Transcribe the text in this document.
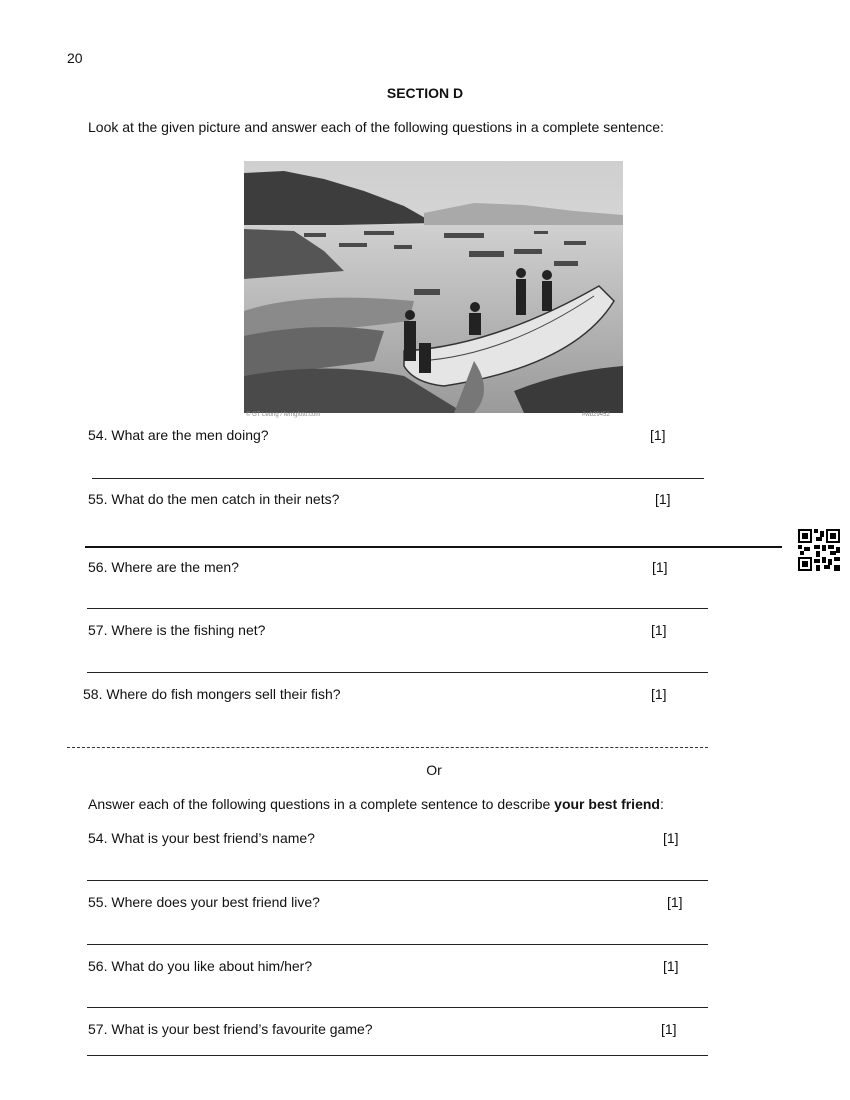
20
SECTION D
Look at the given picture and answer each of the following questions in a complete sentence:
© GT Leong / ferrigfoto.com	#wb29452
54. What are the men doing?	[1]
55. What do the men catch in their nets?	[1]
56. Where are the men?	[1]
57. Where is the fishing net?	[1]
58. Where do fish mongers sell their fish?	[1]
Or
Answer each of the following questions in a complete sentence to describe your best friend:
54. What is your best friend’s name?	[1]
55. Where does your best friend live?	[1]
56. What do you like about him/her?	[1]
57. What is your best friend’s favourite game?	[1]
